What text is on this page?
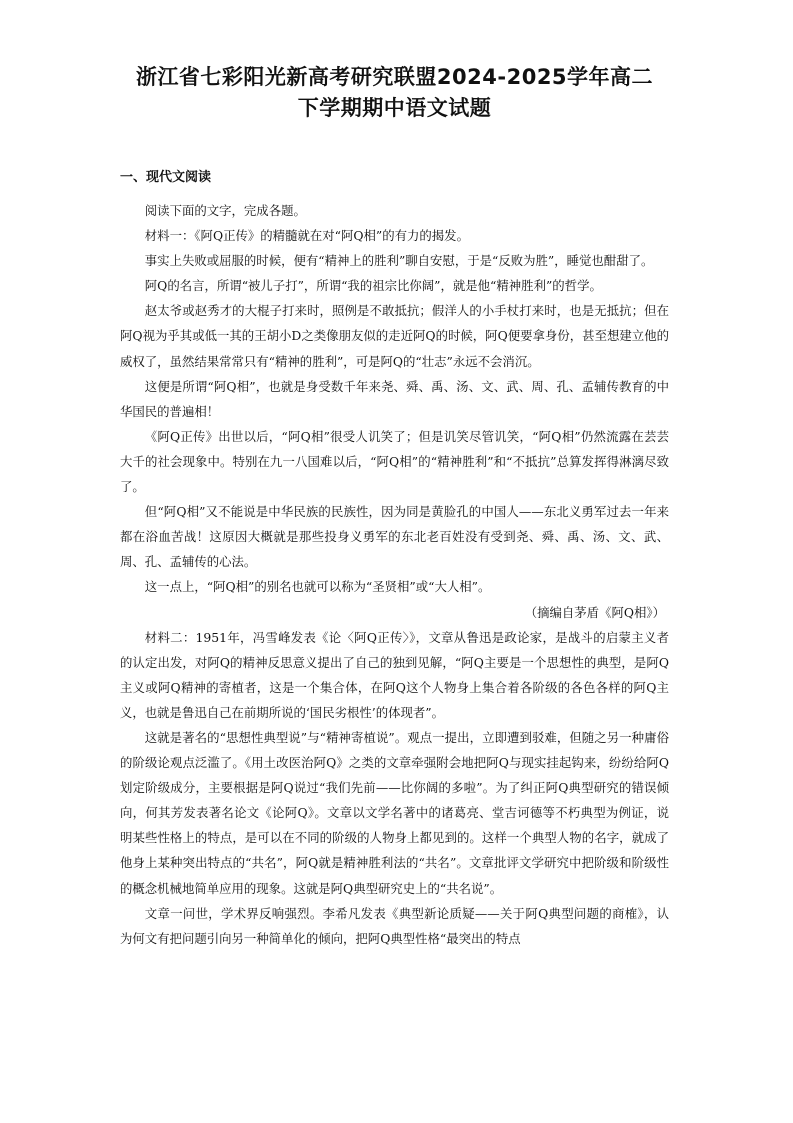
浙江省七彩阳光新高考研究联盟2024-2025学年高二下学期期中语文试题
一、现代文阅读

阅读下面的文字，完成各题。

材料一：《阿Q正传》的精髓就在对“阿Q相”的有力的揭发。

事实上失败或屈服的时候，便有“精神上的胜利”聊自安慰，于是“反败为胜”，睡觉也酣甜了。

阿Q的名言，所谓“被儿子打”，所谓“我的祖宗比你阔”，就是他“精神胜利”的哲学。

赵太爷或赵秀才的大棍子打来时，照例是不敢抵抗；假洋人的小手杖打来时，也是无抵抗；但在阿Q视为乎其或低一其的王胡小D之类像朋友似的走近阿Q的时候，阿Q便要拿身份，甚至想建立他的威权了，虽然结果常常只有“精神的胜利”，可是阿Q的“壮志”永远不会消沉。

这便是所谓“阿Q相”，也就是身受数千年来尧、舜、禹、汤、文、武、周、孔、孟辅传教育的中华国民的普遍相！

《阿Q正传》出世以后，“阿Q相”很受人讥笑了；但是讥笑尽管讥笑，“阿Q相”仍然流露在芸芸大千的社会现象中。特别在九一八国难以后，“阿Q相”的“精神胜利”和“不抵抗”总算发挥得淋漓尽致了。

但“阿Q相”又不能说是中华民族的民族性，因为同是黄脸孔的中国人——东北义勇军过去一年来都在浴血苦战！这原因大概就是那些投身义勇军的东北老百姓没有受到尧、舜、禹、汤、文、武、周、孔、孟辅传的心法。

这一点上，“阿Q相”的别名也就可以称为“圣贤相”或“大人相”。

（摘编自茅盾《阿Q相》）

材料二：1951年，冯雪峰发表《论〈阿Q正传〉》，文章从鲁迅是政论家，是战斗的启蒙主义者的认定出发，对阿Q的精神反思意义提出了自己的独到见解，“阿Q主要是一个思想性的典型，是阿Q主义或阿Q精神的寄植者，这是一个集合体，在阿Q这个人物身上集合着各阶级的各色各样的阿Q主义，也就是鲁迅自己在前期所说的‘国民劣根性’的体现者”。

这就是著名的“思想性典型说”与“精神寄植说”。观点一提出，立即遭到驳难，但随之另一种庸俗的阶级论观点泛滥了。《用土改医治阿Q》之类的文章牵强附会地把阿Q与现实挂起钩来，纷纷给阿Q划定阶级成分，主要根据是阿Q说过“我们先前——比你阔的多啦”。为了纠正阿Q典型研究的错误倾向，何其芳发表著名论文《论阿Q》。文章以文学名著中的诸葛亮、堂吉诃德等不朽典型为例证，说明某些性格上的特点，是可以在不同的阶级的人物身上都见到的。这样一个典型人物的名字，就成了他身上某种突出特点的“共名”，阿Q就是精神胜利法的“共名”。文章批评文学研究中把阶级和阶级性的概念机械地简单应用的现象。这就是阿Q典型研究史上的“共名说”。

文章一问世，学术界反响强烈。李希凡发表《典型新论质疑——关于阿Q典型问题的商榷》，认为何文有把问题引向另一种简单化的倾向，把阿Q典型性格“最突出的特点
